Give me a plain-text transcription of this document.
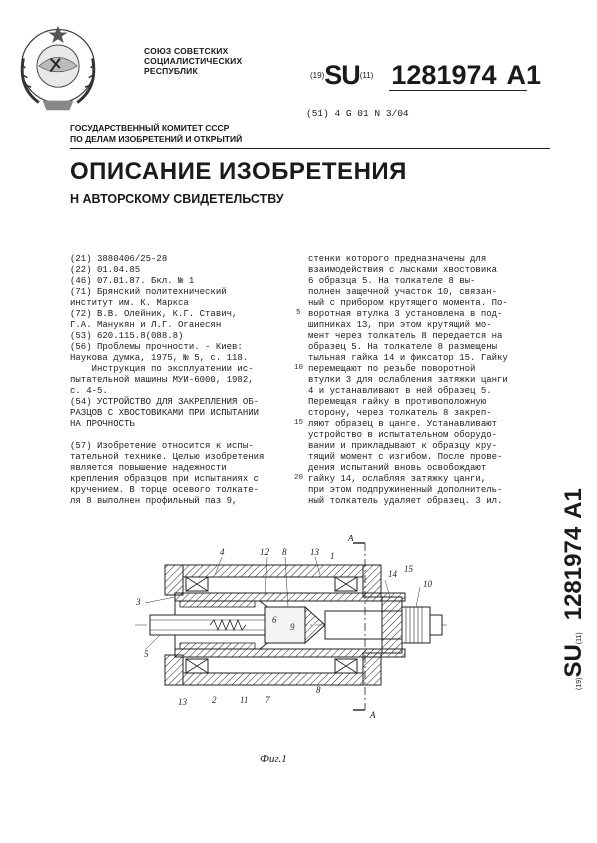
СОЮЗ СОВЕТСКИХ
СОЦИАЛИСТИЧЕСКИХ
РЕСПУБЛИК	(19)SU(11) 1281974 A1
(51) 4 G 01 N 3/04
ГОСУДАРСТВЕННЫЙ КОМИТЕТ СССР
ПО ДЕЛАМ ИЗОБРЕТЕНИЙ И ОТКРЫТИЙ
ОПИСАНИЕ ИЗОБРЕТЕНИЯ
Н АВТОРСКОМУ СВИДЕТЕЛЬСТВУ
(21) 3880406/25-28
(22) 01.04.85
(46) 07.01.87. Бкл. № 1
(71) Брянский политехнический
институт им. К. Маркса
(72) В.В. Олейник, К.Г. Ставич,
Г.А. Манукян и Л.Г. Оганесян
(53) 620.115.8(088.8)
(56) Проблемы прочности. - Киев:
Наукова думка, 1975, № 5, с. 118.
Инструкция по эксплуатении ис-
пытательной машины МУИ-6000, 1982,
с. 4-5.
(54) УСТРОЙСТВО ДЛЯ ЗАКРЕПЛЕНИЯ ОБ-
РАЗЦОВ С ХВОСТОВИКАМИ ПРИ ИСПЫТАНИИ
НА ПРОЧНОСТЬ
(57) Изобретение относится к испы-
тательной технике. Целью изобретения
является повышение надежности
крепления образцов при испытаниях с
кручением. В торце осевого толкате-
ля 8 выполнен профильный паз 9,
стенки которого предназначены для
взаимодействия с лысками хвостовика
6 образца 5. На толкателе 8 вы-
полнен защечной участок 10, связан-
ный с прибором крутящего момента. По-
воротная втулка 3 установлена в под-
шипниках 13, при этом крутящий мо-
мент через толкатель 8 передается на
образец 5. На толкателе 8 размещены
тыльная гайка 14 и фиксатор 15. Гайку
перемещают по резьбе поворотной
втулки 3 для ослабления затяжки цанги
4 и устанавливают в ней образец 5.
Перемещая гайку в противоположную
сторону, через толкатель 8 закреп-
ляют образец в цанге. Устанавливают
устройство в испытательном оборудо-
вании и прикладывают к образцу кру-
тящий момент с изгибом. После прове-
дения испытаний вновь освобождают
гайку 14, ослабляя затяжку цанги,
при этом подпружиненный дополнитель-
ный толкатель удаляет образец. 3 ил.
5
10
15
20
(19)SU(11)1281974A1
А
А
4	12 8	13 1
14 15
10
3
5
6
9
13	2	11 7
8
Фиг.1
